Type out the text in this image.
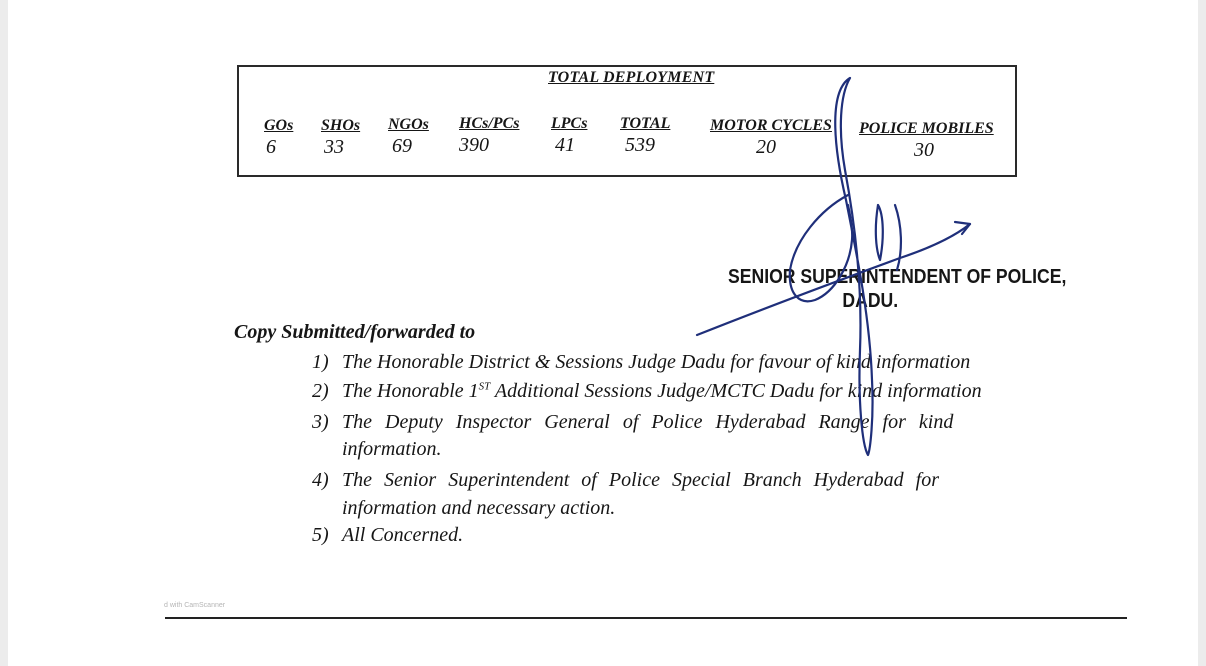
TOTAL DEPLOYMENT
GOs
6
SHOs
33
NGOs
69
HCs/PCs
390
LPCs
41
TOTAL
539
MOTOR CYCLES
20
POLICE MOBILES
30
SENIOR SUPERINTENDENT OF POLICE,
DADU.
Copy Submitted/forwarded to
1) The Honorable District & Sessions Judge Dadu for favour of kind information
2) The Honorable 1ST Additional Sessions Judge/MCTC Dadu for kind information
3) The Deputy Inspector General of Police Hyderabad Range for kind
information.
4) The Senior Superintendent of Police Special Branch Hyderabad for
information and necessary action.
5) All Concerned.
d with CamScanner
